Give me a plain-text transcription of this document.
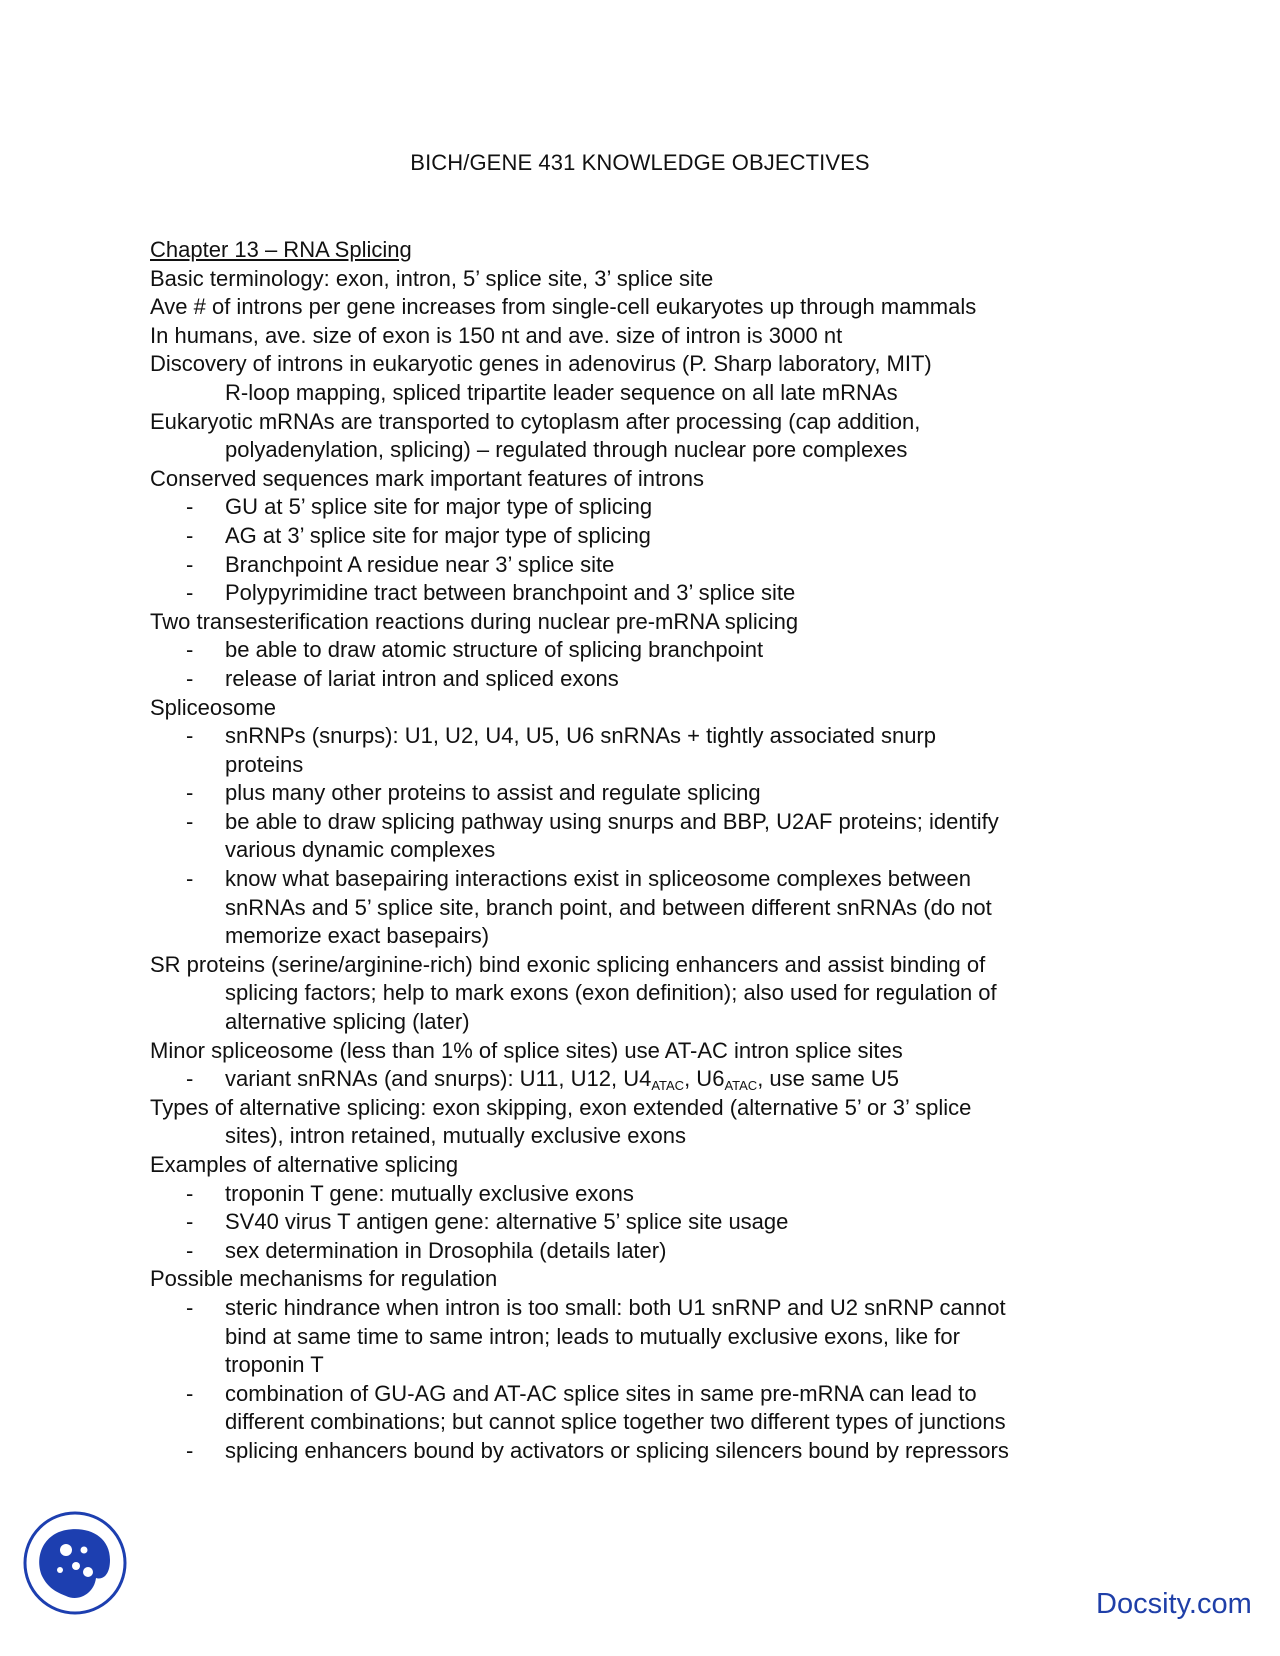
BICH/GENE 431 KNOWLEDGE OBJECTIVES
Chapter 13 – RNA Splicing
Basic terminology: exon, intron, 5’ splice site, 3’ splice site
Ave # of introns per gene increases from single-cell eukaryotes up through mammals
In humans, ave. size of exon is 150 nt and ave. size of intron is 3000 nt
Discovery of introns in eukaryotic genes in adenovirus (P. Sharp laboratory, MIT)
R-loop mapping, spliced tripartite leader sequence on all late mRNAs
Eukaryotic mRNAs are transported to cytoplasm after processing (cap addition,
polyadenylation, splicing) – regulated through nuclear pore complexes
Conserved sequences mark important features of introns
- GU at 5’ splice site for major type of splicing
- AG at 3’ splice site for major type of splicing
- Branchpoint A residue near 3’ splice site
- Polypyrimidine tract between branchpoint and 3’ splice site
Two transesterification reactions during nuclear pre-mRNA splicing
- be able to draw atomic structure of splicing branchpoint
- release of lariat intron and spliced exons
Spliceosome
- snRNPs (snurps): U1, U2, U4, U5, U6 snRNAs + tightly associated snurp
proteins
- plus many other proteins to assist and regulate splicing
- be able to draw splicing pathway using snurps and BBP, U2AF proteins; identify
various dynamic complexes
- know what basepairing interactions exist in spliceosome complexes between
snRNAs and 5’ splice site, branch point, and between different snRNAs (do not
memorize exact basepairs)
SR proteins (serine/arginine-rich) bind exonic splicing enhancers and assist binding of
splicing factors; help to mark exons (exon definition); also used for regulation of
alternative splicing (later)
Minor spliceosome (less than 1% of splice sites) use AT-AC intron splice sites
- variant snRNAs (and snurps): U11, U12, $U4_{ATAC}$, $U6_{ATAC}$, use same U5
Types of alternative splicing: exon skipping, exon extended (alternative 5’ or 3’ splice
sites), intron retained, mutually exclusive exons
Examples of alternative splicing
- troponin T gene: mutually exclusive exons
- SV40 virus T antigen gene: alternative 5’ splice site usage
- sex determination in Drosophila (details later)
Possible mechanisms for regulation
- steric hindrance when intron is too small: both U1 snRNP and U2 snRNP cannot
bind at same time to same intron; leads to mutually exclusive exons, like for
troponin T
- combination of GU-AG and AT-AC splice sites in same pre-mRNA can lead to
different combinations; but cannot splice together two different types of junctions
- splicing enhancers bound by activators or splicing silencers bound by repressors
Docsity.com
